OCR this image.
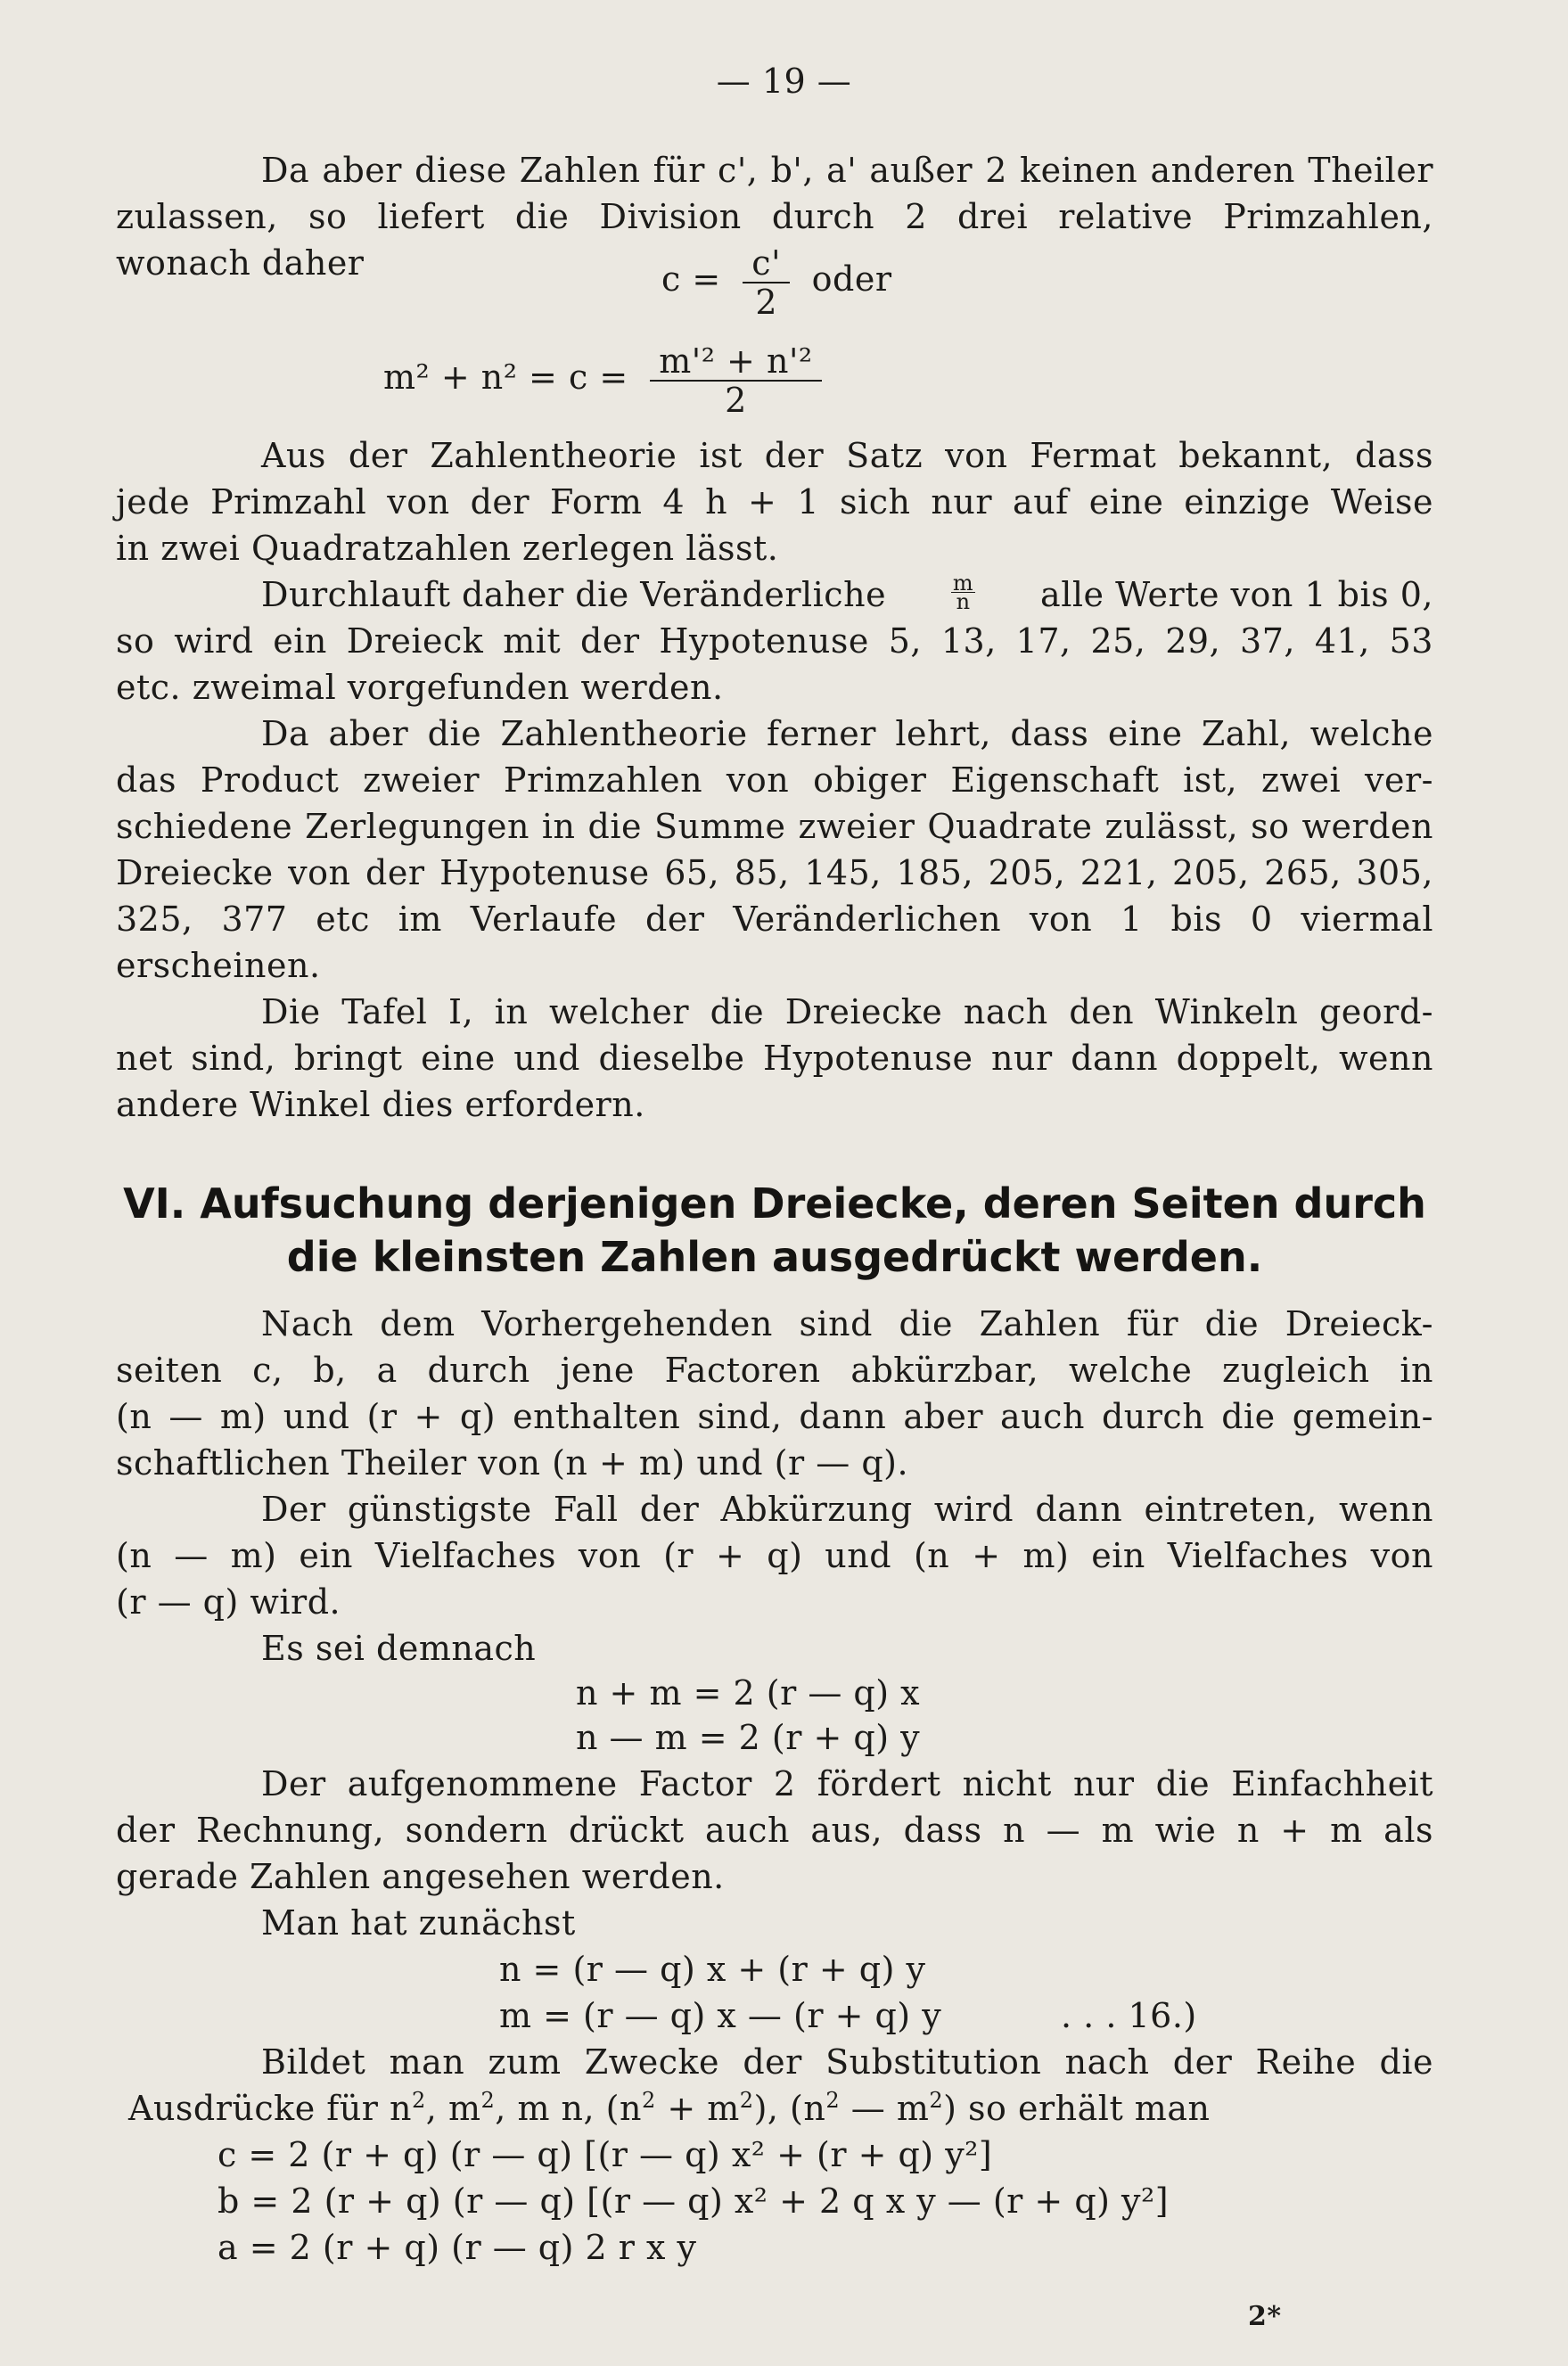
— 19 —
Da aber diese Zahlen für c', b', a' außer 2 keinen anderen Theiler
zulassen, so liefert die Division durch 2 drei relative Primzahlen,
wonach daher	$c = \frac{c'}{2}$ oder
$m^2 + n^2 = c = \frac{\text{m'² + n'²}}{2}$
Aus der Zahlentheorie ist der Satz von Fermat bekannt, dass
jede Primzahl von der Form 4 h + 1 sich nur auf eine einzige Weise
in zwei Quadratzahlen zerlegen lässt.
Durchlauft daher die Veränderliche	$\frac{m}{n}$ alle Werte von 1 bis 0,
so wird ein Dreieck mit der Hypotenuse 5, 13, 17, 25, 29, 37, 41, 53
etc. zweimal vorgefunden werden.
Da aber die Zahlentheorie ferner lehrt, dass eine Zahl, welche
das Product zweier Primzahlen von obiger Eigenschaft ist, zwei ver-
schiedene Zerlegungen in die Summe zweier Quadrate zulässt, so werden
Dreiecke von der Hypotenuse 65, 85, 145, 185, 205, 221, 205, 265, 305,
325, 377 etc im Verlaufe der Veränderlichen von 1 bis 0 viermal
erscheinen.
Die Tafel I, in welcher die Dreiecke nach den Winkeln geord-
net sind, bringt eine und dieselbe Hypotenuse nur dann doppelt, wenn
andere Winkel dies erfordern.
VI. Aufsuchung derjenigen Dreiecke, deren Seiten durch
die kleinsten Zahlen ausgedrückt werden.
Nach dem Vorhergehenden sind die Zahlen für die Dreieck-
seiten c, b, a durch jene Factoren abkürzbar, welche zugleich in
(n — m) und (r + q) enthalten sind, dann aber auch durch die gemein-
schaftlichen Theiler von (n + m) und (r — q).
Der günstigste Fall der Abkürzung wird dann eintreten, wenn
(n — m) ein Vielfaches von (r + q) und (n + m) ein Vielfaches von
(r — q) wird.
Es sei demnach
n + m = 2 (r — q) x
n — m = 2 (r + q) y
Der aufgenommene Factor 2 fördert nicht nur die Einfachheit
der Rechnung, sondern drückt auch aus, dass n — m wie n + m als
gerade Zahlen angesehen werden.
Man hat zunächst
n = (r — q) x + (r + q) y
m = (r — q) x — (r + q) y	. . . 16.)
Bildet man zum Zwecke der Substitution nach der Reihe die
Ausdrücke für $n^2$, $m^2$, m n, $(n^2 + m^2)$, ($n^2$ — $m^2$) so erhält man
c = 2 (r + q) (r — q) [(r — q) x² + (r + q) y²]
b = 2 (r + q) (r — q) [(r — q) x² + 2 q x y — (r + q) y²]
a = 2 (r + q) (r — q) 2 r x y
2*
